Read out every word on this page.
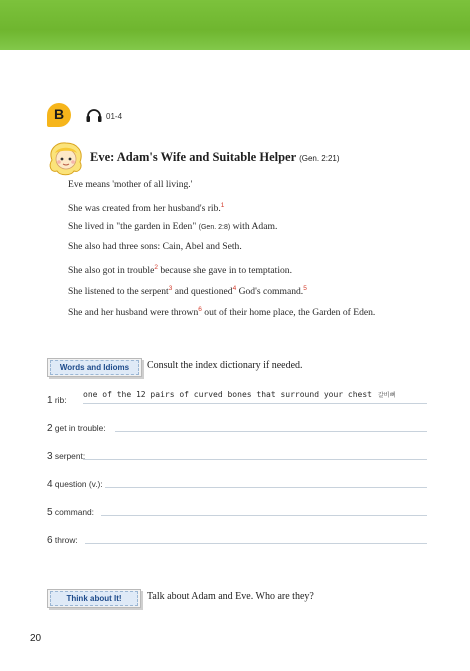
B	01-4
Eve: Adam's Wife and Suitable Helper (Gen. 2:21)
Eve means 'mother of all living.'
She was created from her husband's rib.$^1$
She lived in "the garden in Eden" (Gen. 2:8) with Adam.
She also had three sons: Cain, Abel and Seth.
She also got in trouble$^2$ because she gave in to temptation.
She listened to the serpent$^3$ and questioned$^4$ God's command.$^5$
She and her husband were thrown$^6$ out of their home place, the Garden of Eden.
Words and Idioms	Consult the index dictionary if needed.
1 rib:
one of the 12 pairs of curved bones that surround your chest 갈비뼈
2 get in trouble:
3 serpent:
4 question (v.):
5 command:
6 throw:
Think about It!	Talk about Adam and Eve. Who are they?
20
